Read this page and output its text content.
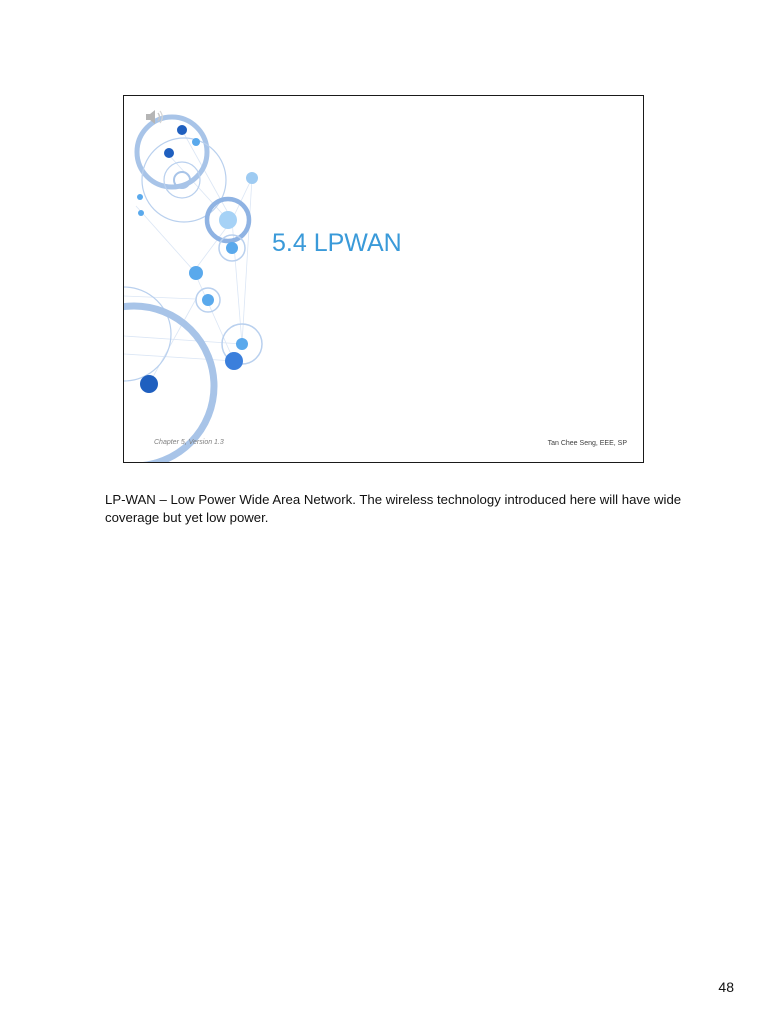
5.4 LPWAN
Chapter 5, Version 1.3	Tan Chee Seng, EEE, SP
LP-WAN – Low Power Wide Area Network. The wireless technology introduced here will have wide coverage but yet low power.
48
